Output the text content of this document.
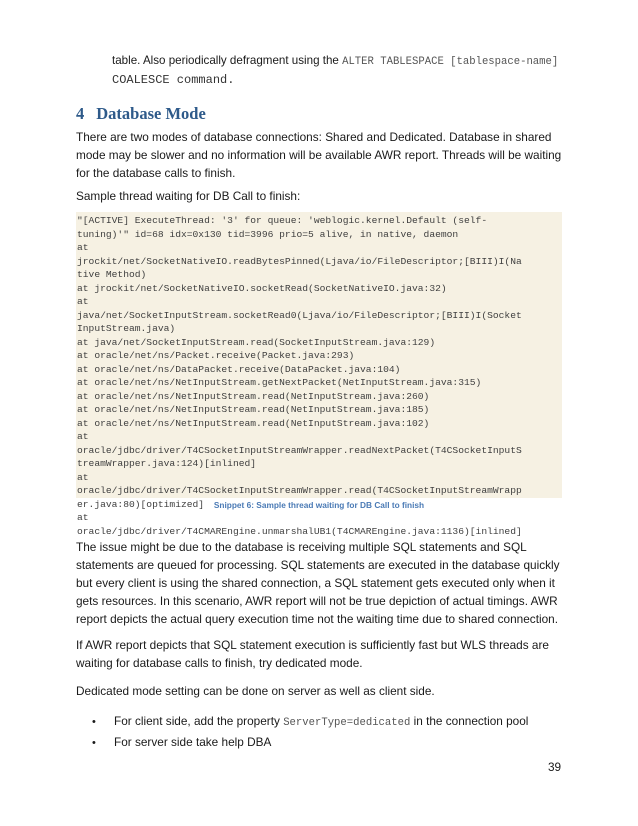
table. Also periodically defragment using the ALTER TABLESPACE [tablespace-name]
COALESCE command.
4 Database Mode
There are two modes of database connections: Shared and Dedicated. Database in shared mode may be slower and no information will be available AWR report. Threads will be waiting for the database calls to finish.
Sample thread waiting for DB Call to finish:
"[ACTIVE] ExecuteThread: '3' for queue: 'weblogic.kernel.Default (self-
tuning)'" id=68 idx=0x130 tid=3996 prio=5 alive, in native, daemon
at
jrockit/net/SocketNativeIO.readBytesPinned(Ljava/io/FileDescriptor;[BIII)I(Na
tive Method)
at jrockit/net/SocketNativeIO.socketRead(SocketNativeIO.java:32)
at
java/net/SocketInputStream.socketRead0(Ljava/io/FileDescriptor;[BIII)I(Socket
InputStream.java)
at java/net/SocketInputStream.read(SocketInputStream.java:129)
at oracle/net/ns/Packet.receive(Packet.java:293)
at oracle/net/ns/DataPacket.receive(DataPacket.java:104)
at oracle/net/ns/NetInputStream.getNextPacket(NetInputStream.java:315)
at oracle/net/ns/NetInputStream.read(NetInputStream.java:260)
at oracle/net/ns/NetInputStream.read(NetInputStream.java:185)
at oracle/net/ns/NetInputStream.read(NetInputStream.java:102)
at
oracle/jdbc/driver/T4CSocketInputStreamWrapper.readNextPacket(T4CSocketInputS
treamWrapper.java:124)[inlined]
at
oracle/jdbc/driver/T4CSocketInputStreamWrapper.read(T4CSocketInputStreamWrapp
er.java:80)[optimized]
at
oracle/jdbc/driver/T4CMAREngine.unmarshalUB1(T4CMAREngine.java:1136)[inlined]
Snippet 6: Sample thread waiting for DB Call to finish
The issue might be due to the database is receiving multiple SQL statements and SQL statements are queued for processing. SQL statements are executed in the database quickly but every client is using the shared connection, a SQL statement gets executed only when it gets resources. In this scenario, AWR report will not be true depiction of actual timings. AWR report depicts the actual query execution time not the waiting time due to shared connection.
If AWR report depicts that SQL statement execution is sufficiently fast but WLS threads are waiting for database calls to finish, try dedicated mode.
Dedicated mode setting can be done on server as well as client side.
•	For client side, add the property ServerType=dedicated in the connection pool
•	For server side take help DBA
39
